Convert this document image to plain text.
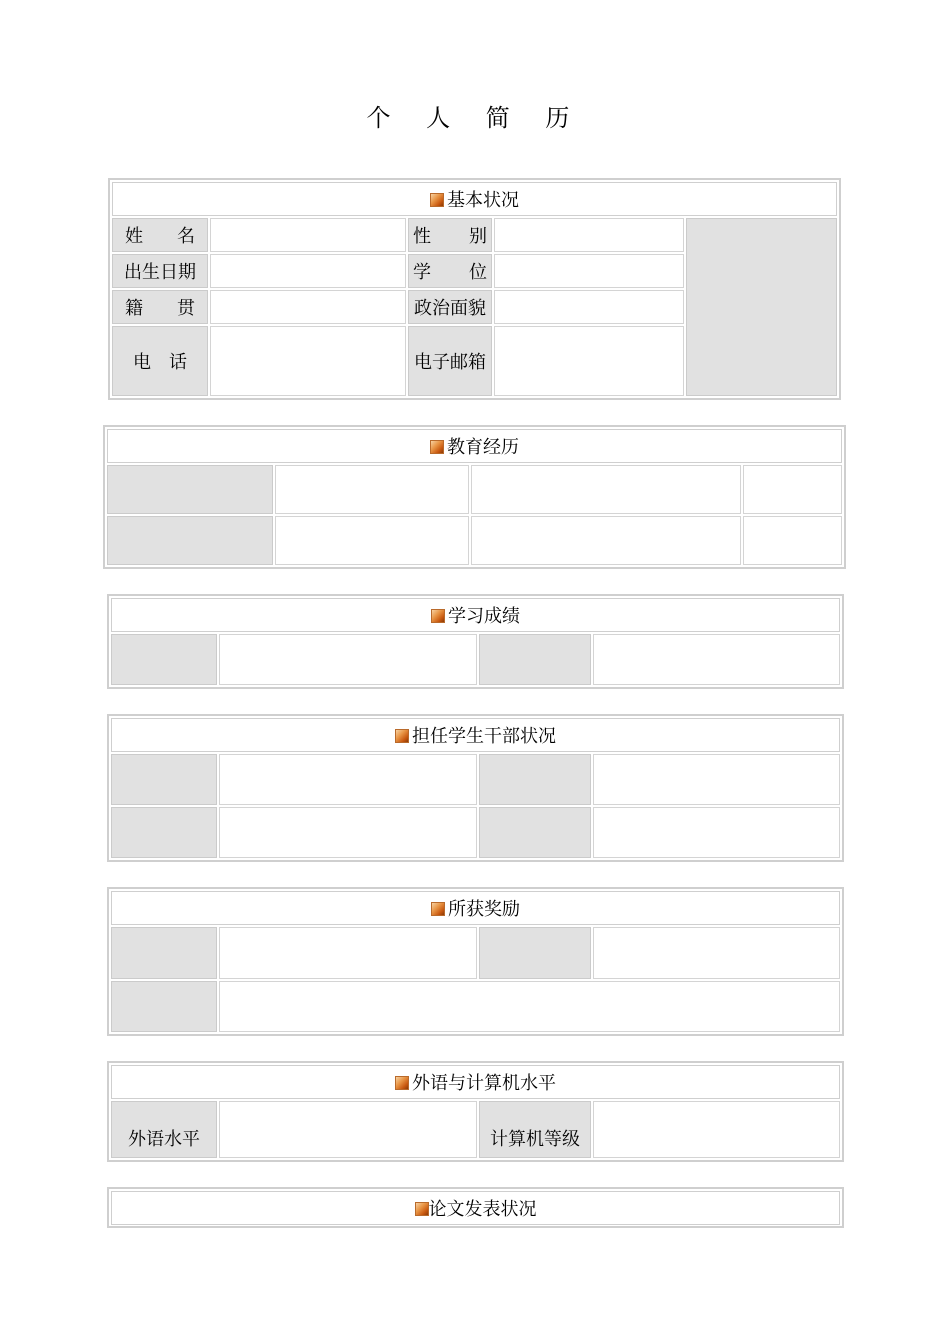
个 人 简 历
基本状况				

姓 名		性 别		

出生日期		学 位		

籍 贯		政治面貌		

电 话		电子邮箱		
教育经历			

学习成绩

担任学生干部状况			

所获奖励			

外语与计算机水平
外语水平		计算机等级	
论文发表状况
